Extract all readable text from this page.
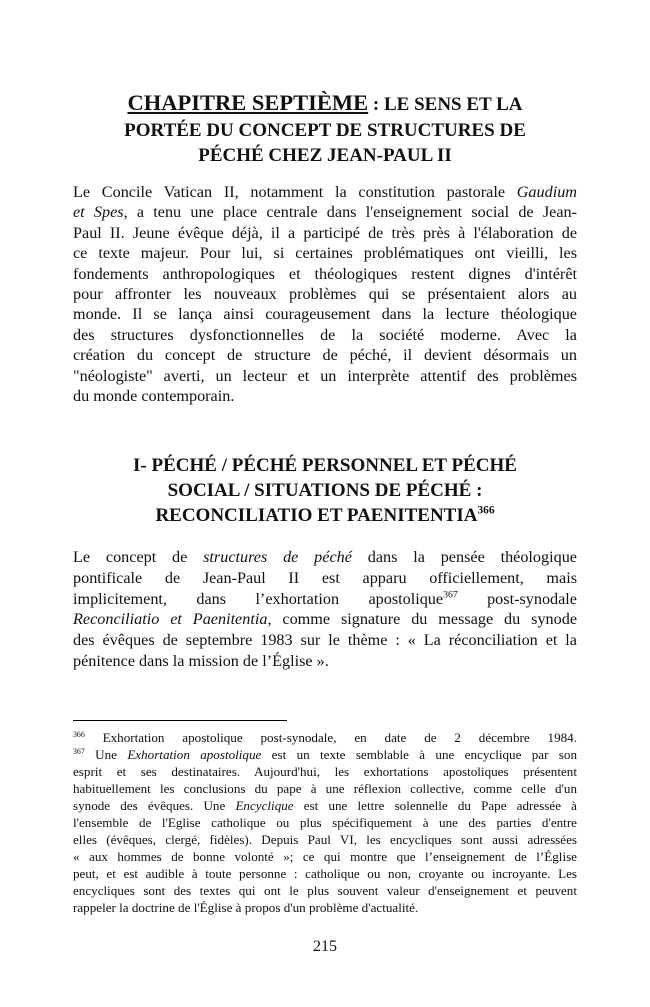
CHAPITRE SEPTIÈME : LE SENS ET LA
PORTÉE DU CONCEPT DE STRUCTURES DE
PÉCHÉ CHEZ JEAN-PAUL II
Le Concile Vatican II, notamment la constitution pastorale Gaudium
et Spes, a tenu une place centrale dans l'enseignement social de Jean-
Paul II. Jeune évêque déjà, il a participé de très près à l'élaboration de
ce texte majeur. Pour lui, si certaines problématiques ont vieilli, les
fondements anthropologiques et théologiques restent dignes d'intérêt
pour affronter les nouveaux problèmes qui se présentaient alors au
monde. Il se lança ainsi courageusement dans la lecture théologique
des structures dysfonctionnelles de la société moderne. Avec la
création du concept de structure de péché, il devient désormais un
"néologiste" averti, un lecteur et un interprète attentif des problèmes
du monde contemporain.
I- PÉCHÉ / PÉCHÉ PERSONNEL ET PÉCHÉ
SOCIAL / SITUATIONS DE PÉCHÉ :
RECONCILIATIO ET PAENITENTIA$^{366}$
Le concept de structures de péché dans la pensée théologique
pontificale de Jean-Paul II est apparu officiellement, mais
implicitement, dans l’exhortation apostolique$^{367}$ post-synodale
Reconciliatio et Paenitentia, comme signature du message du synode
des évêques de septembre 1983 sur le thème : « La réconciliation et la
pénitence dans la mission de l’Église ».
$^{366}$ Exhortation apostolique post-synodale, en date de 2 décembre 1984.
$^{367}$ Une Exhortation apostolique est un texte semblable à une encyclique par son
esprit et ses destinataires. Aujourd'hui, les exhortations apostoliques présentent
habituellement les conclusions du pape à une réflexion collective, comme celle d'un
synode des évêques. Une Encyclique est une lettre solennelle du Pape adressée à
l'ensemble de l'Eglise catholique ou plus spécifiquement à une des parties d'entre
elles (évêques, clergé, fidèles). Depuis Paul VI, les encycliques sont aussi adressées
« aux hommes de bonne volonté »; ce qui montre que l’enseignement de l’Église
peut, et est audible à toute personne : catholique ou non, croyante ou incroyante. Les
encycliques sont des textes qui ont le plus souvent valeur d'enseignement et peuvent
rappeler la doctrine de l'Église à propos d'un problème d'actualité.
215
